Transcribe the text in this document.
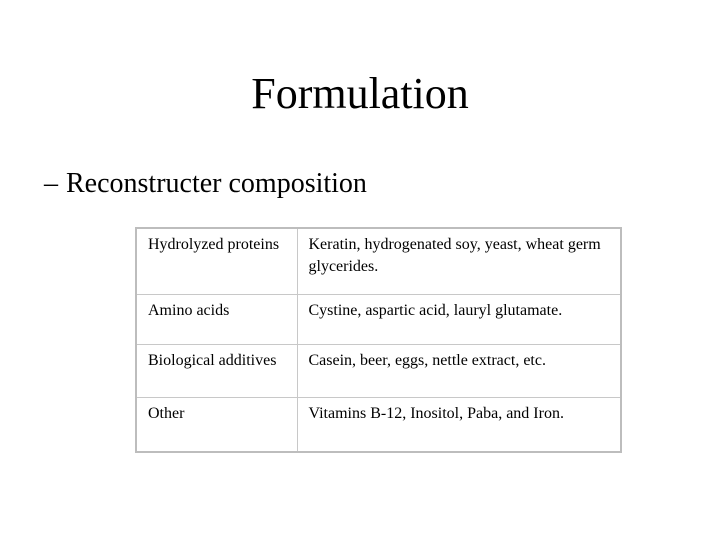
Formulation
– Reconstructer composition
Hydrolyzed proteins	Keratin, hydrogenated soy, yeast, wheat germ glycerides.
Amino acids	Cystine, aspartic acid, lauryl glutamate.
Biological additives	Casein, beer, eggs, nettle extract, etc.
Other	Vitamins B-12, Inositol, Paba, and Iron.
